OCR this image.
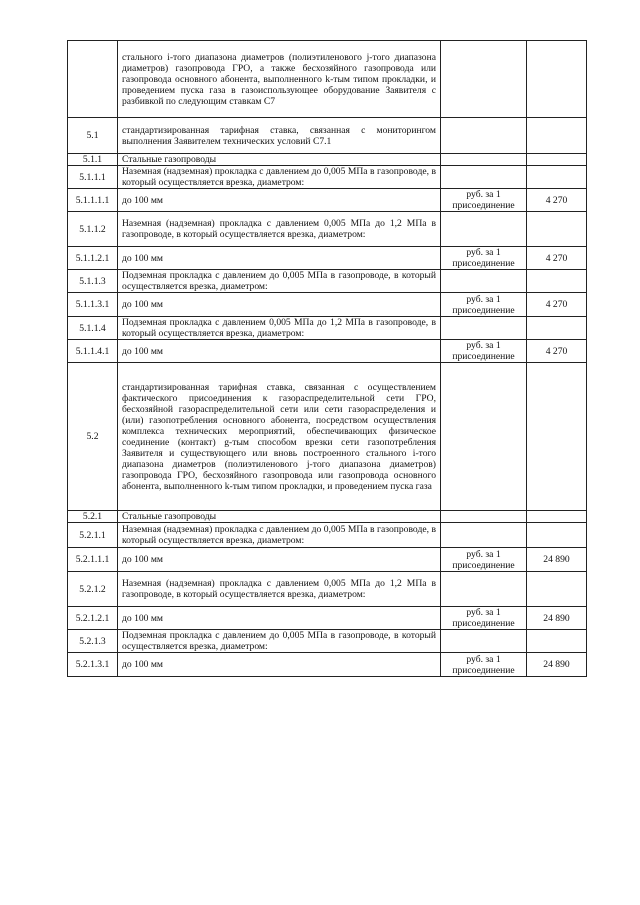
	стального i-того диапазона диаметров (полиэтиленового j-того диапазона диаметров) газопровода ГРО, а также бесхозяйного газопровода или газопровода основного абонента, выполненного k-тым типом прокладки, и проведением пуска газа в газоиспользующее оборудование Заявителя с разбивкой по следующим ставкам С7		
5.1	стандартизированная тарифная ставка, связанная с мониторингом выполнения Заявителем технических условий С7.1		
5.1.1	Стальные газопроводы		
5.1.1.1	Наземная (надземная) прокладка с давлением до 0,005 МПа в газопроводе, в который осуществляется врезка, диаметром:		
5.1.1.1.1	до 100 мм	руб. за 1 присоединение	4 270
5.1.1.2	Наземная (надземная) прокладка с давлением 0,005 МПа до 1,2 МПа в газопроводе, в который осуществляется врезка, диаметром:		
5.1.1.2.1	до 100 мм	руб. за 1 присоединение	4 270
5.1.1.3	Подземная прокладка с давлением до 0,005 МПа в газопроводе, в который осуществляется врезка, диаметром:		
5.1.1.3.1	до 100 мм	руб. за 1 присоединение	4 270
5.1.1.4	Подземная прокладка с давлением 0,005 МПа до 1,2 МПа в газопроводе, в который осуществляется врезка, диаметром:		
5.1.1.4.1	до 100 мм	руб. за 1 присоединение	4 270
5.2	стандартизированная тарифная ставка, связанная с осуществлением фактического присоединения к газораспределительной сети ГРО, бесхозяйной газораспределительной сети или сети газораспределения и (или) газопотребления основного абонента, посредством осуществления комплекса технических мероприятий, обеспечивающих физическое соединение (контакт) g-тым способом врезки сети газопотребления Заявителя и существующего или вновь построенного стального i-того диапазона диаметров (полиэтиленового j-того диапазона диаметров) газопровода ГРО, бесхозяйного газопровода или газопровода основного абонента, выполненного k-тым типом прокладки, и проведением пуска газа		
5.2.1	Стальные газопроводы		
5.2.1.1	Наземная (надземная) прокладка с давлением до 0,005 МПа в газопроводе, в который осуществляется врезка, диаметром:		
5.2.1.1.1	до 100 мм	руб. за 1 присоединение	24 890
5.2.1.2	Наземная (надземная) прокладка с давлением 0,005 МПа до 1,2 МПа в газопроводе, в который осуществляется врезка, диаметром:		
5.2.1.2.1	до 100 мм	руб. за 1 присоединение	24 890
5.2.1.3	Подземная прокладка с давлением до 0,005 МПа в газопроводе, в который осуществляется врезка, диаметром:		
5.2.1.3.1	до 100 мм	руб. за 1 присоединение	24 890
